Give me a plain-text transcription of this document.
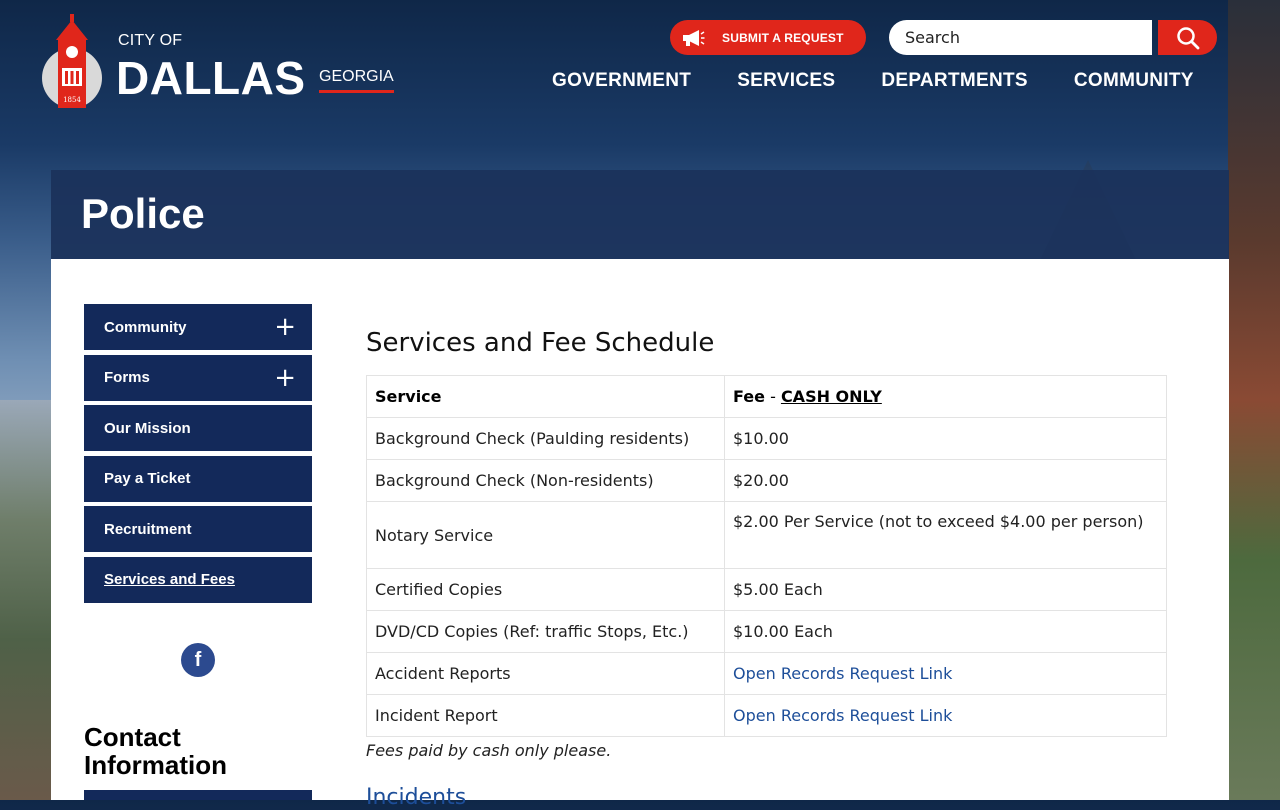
1854
CITY OF
DALLAS GEORGIA
SUBMIT A REQUEST
Search
GOVERNMENT SERVICES DEPARTMENTS COMMUNITY
Police
Community	+
Forms	+
Our Mission
Pay a Ticket
Recruitment
Services and Fees
f
Contact Information
Services and Fee Schedule
Service	Fee - CASH ONLY
Background Check (Paulding residents)	$10.00
Background Check (Non-residents)	$20.00
Notary Service	$2.00 Per Service (not to exceed $4.00 per person)
Certified Copies	$5.00 Each
DVD/CD Copies (Ref: traffic Stops, Etc.)	$10.00 Each
Accident Reports	Open Records Request Link
Incident Report	Open Records Request Link
Fees paid by cash only please.
Incidents
